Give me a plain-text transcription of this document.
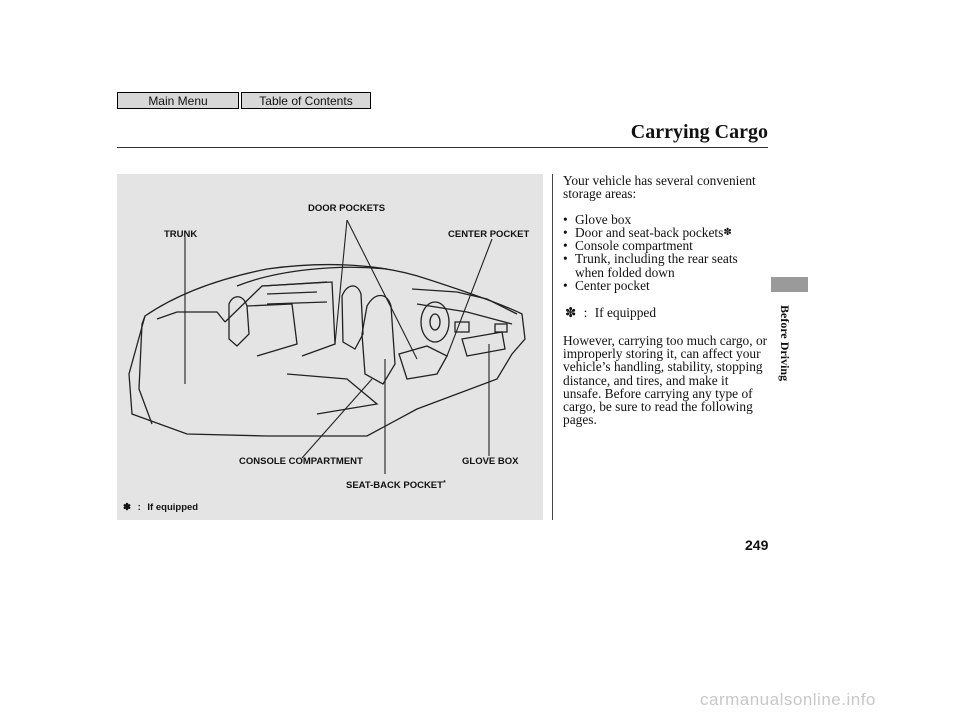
Main Menu	Table of Contents
Carrying Cargo
DOOR POCKETS
TRUNK	CENTER POCKET
CONSOLE COMPARTMENT	GLOVE BOX
SEAT-BACK POCKET*
✽ : If equipped

Your vehicle has several convenient storage areas:

• Glove box
• Door and seat-back pockets✽
• Console compartment
• Trunk, including the rear seats when folded down
• Center pocket

✽ : If equipped

However, carrying too much cargo, or improperly storing it, can affect your vehicle’s handling, stability, stopping distance, and tires, and make it unsafe. Before carrying any type of cargo, be sure to read the following pages.

Before Driving
249
carmanualsonline.info
